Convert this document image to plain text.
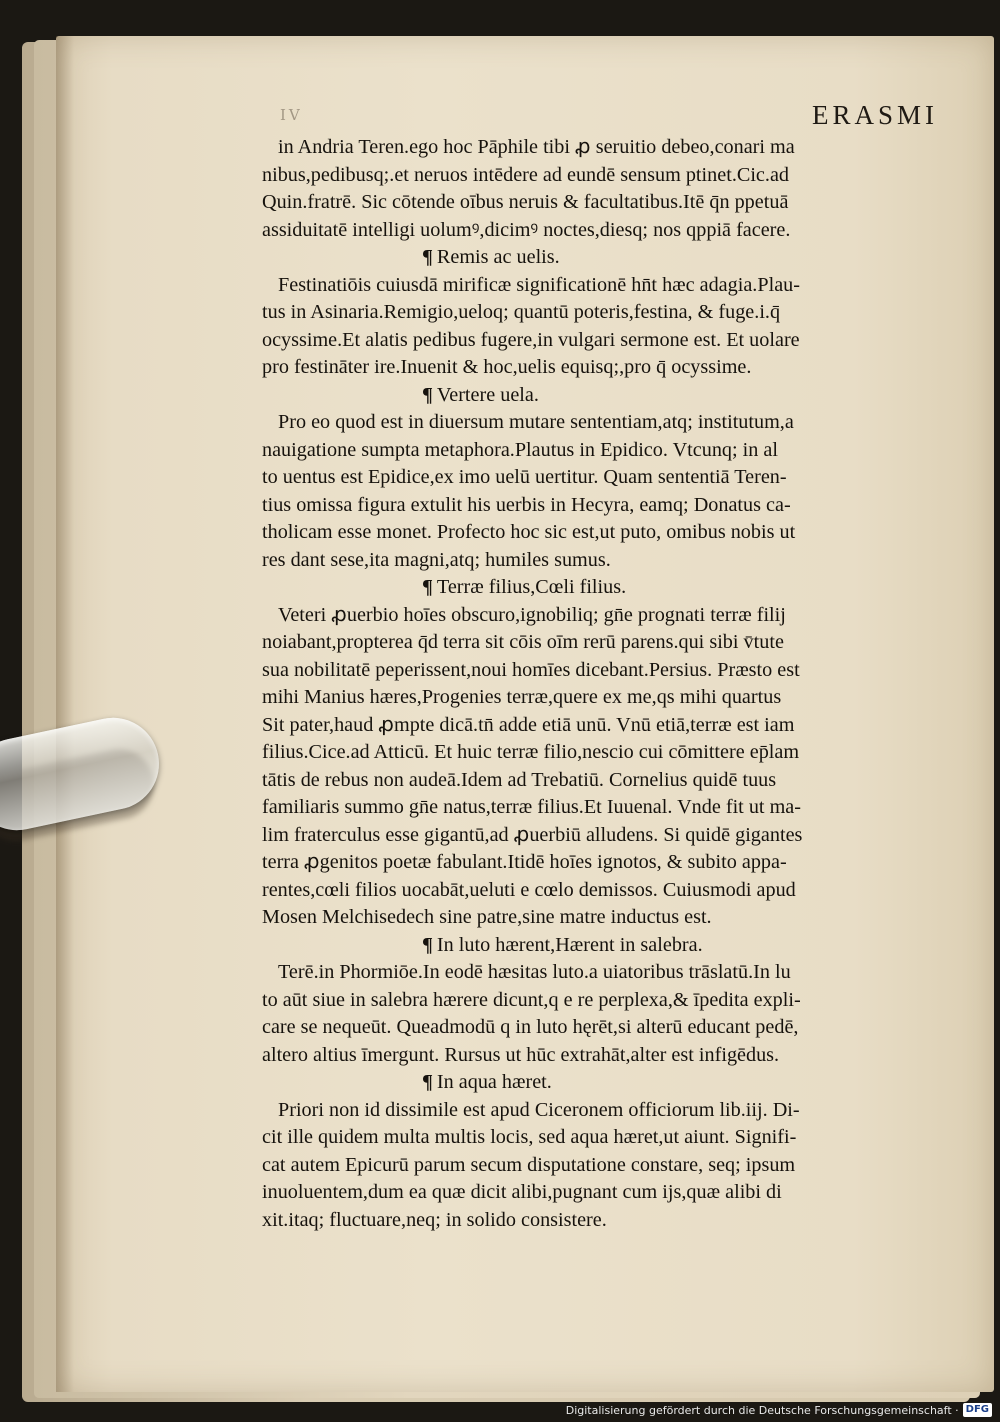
IV	ERASMI
in Andria Teren.ego hoc Pāphile tibi ꝓ seruitio debeo,conari ma
nibus,pedibusq;.et neruos intēdere ad eundē sensum ptinet.Cic.ad
Quin.fratrē. Sic cōtende oībus neruis & facultatibus.Itē q̄n ppetuā
assiduitatē intelligi uolumꝰ,dicimꝰ noctes,diesq; nos qppiā facere.
¶ Remis ac uelis.
Festinatiōis cuiusdā mirificæ significationē hn̄t hæc adagia.Plau-
tus in Asinaria.Remigio,ueloq; quantū poteris,festina, & fuge.i.q̄
ocyssime.Et alatis pedibus fugere,in vulgari sermone est. Et uolare
pro festināter ire.Inuenit & hoc,uelis equisq;,pro q̄ ocyssime.
¶ Vertere uela.
Pro eo quod est in diuersum mutare sententiam,atq; institutum,a
nauigatione sumpta metaphora.Plautus in Epidico. Vtcunq; in al
to uentus est Epidice,ex imo uelū uertitur. Quam sententiā Teren-
tius omissa figura extulit his uerbis in Hecyra, eamq; Donatus ca-
tholicam esse monet. Profecto hoc sic est,ut puto, omibus nobis ut
res dant sese,ita magni,atq; humiles sumus.
¶ Terræ filius,Cœli filius.
Veteri ꝓuerbio hoīes obscuro,ignobiliq; gn̄e prognati terræ filij
noiabant,propterea q̄d terra sit cōis oīm rerū parens.qui sibi v̄tute
sua nobilitatē peperissent,noui homīes dicebant.Persius. Præsto est
mihi Manius hæres,Progenies terræ,quere ex me,qs mihi quartus
Sit pater,haud ꝓmpte dicā.tn̄ adde etiā unū. Vnū etiā,terræ est iam
filius.Cice.ad Atticū. Et huic terræ filio,nescio cui cōmittere ep̄lam
tātis de rebus non audeā.Idem ad Trebatiū. Cornelius quidē tuus
familiaris summo gn̄e natus,terræ filius.Et Iuuenal. Vnde fit ut ma-
lim fraterculus esse gigantū,ad ꝓuerbiū alludens. Si quidē gigantes
terra ꝓgenitos poetæ fabulant.Itidē hoīes ignotos, & subito appa-
rentes,cœli filios uocabāt,ueluti e cœlo demissos. Cuiusmodi apud
Mosen Melchisedech sine patre,sine matre inductus est.
¶ In luto hærent,Hærent in salebra.
Terē.in Phormiōe.In eodē hæsitas luto.a uiatoribus trāslatū.In lu
to aūt siue in salebra hærere dicunt,q e re perplexa,& īpedita expli-
care se nequeūt. Queadmodū q in luto hęrēt,si alterū educant pedē,
altero altius īmergunt. Rursus ut hūc extrahāt,alter est infigēdus.
¶ In aqua hæret.
Priori non id dissimile est apud Ciceronem officiorum lib.iij. Di-
cit ille quidem multa multis locis, sed aqua hæret,ut aiunt. Signifi-
cat autem Epicurū parum secum disputatione constare, seq; ipsum
inuoluentem,dum ea quæ dicit alibi,pugnant cum ijs,quæ alibi di
xit.itaq; fluctuare,neq; in solido consistere.
Digitalisierung gefördert durch die Deutsche Forschungsgemeinschaft · DFG
